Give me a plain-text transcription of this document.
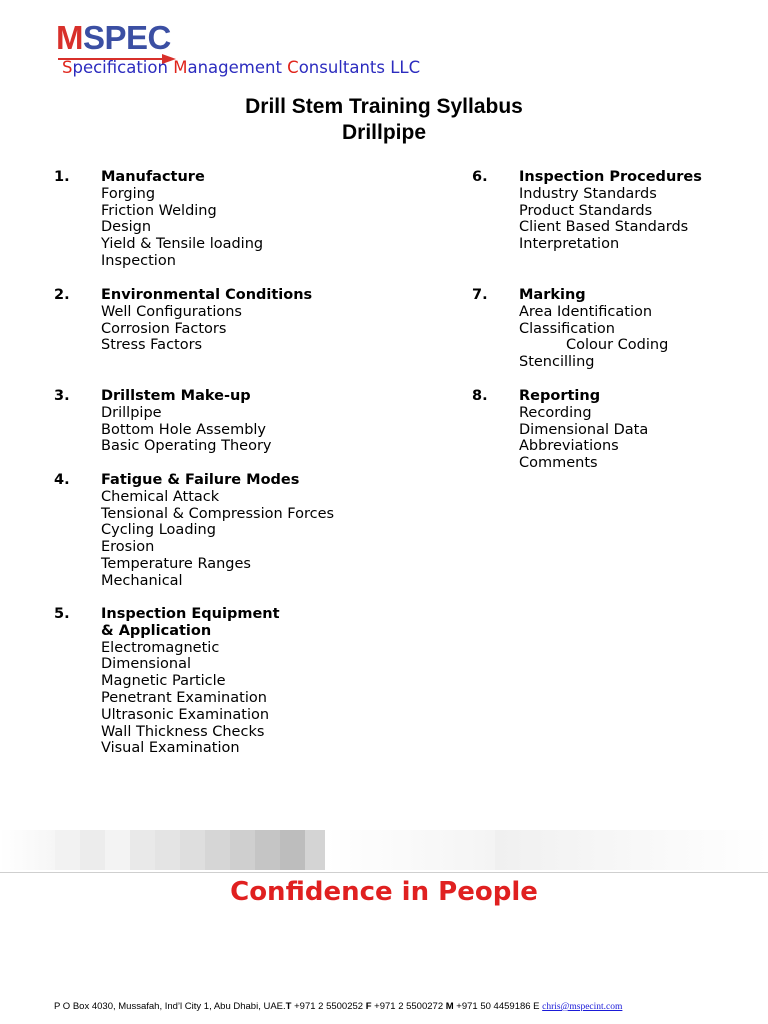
MSPEC
Specification Management Consultants LLC
Drill Stem Training Syllabus
Drillpipe
1. Manufacture
Forging
Friction Welding
Design
Yield & Tensile loading
Inspection
2. Environmental Conditions
Well Configurations
Corrosion Factors
Stress Factors
3. Drillstem Make-up
Drillpipe
Bottom Hole Assembly
Basic Operating Theory
4. Fatigue & Failure Modes
Chemical Attack
Tensional & Compression Forces
Cycling Loading
Erosion
Temperature Ranges
Mechanical
5. Inspection Equipment
& Application
Electromagnetic
Dimensional
Magnetic Particle
Penetrant Examination
Ultrasonic Examination
Wall Thickness Checks
Visual Examination
6. Inspection Procedures
Industry Standards
Product Standards
Client Based Standards
Interpretation
7. Marking
Area Identification
Classification
Colour Coding
Stencilling
8. Reporting
Recording
Dimensional Data
Abbreviations
Comments
Confidence in People
P O Box 4030, Mussafah, Ind’l City 1, Abu Dhabi, UAE.T +971 2 5500252 F +971 2 5500272 M +971 50 4459186 E chris@mspecint.com
